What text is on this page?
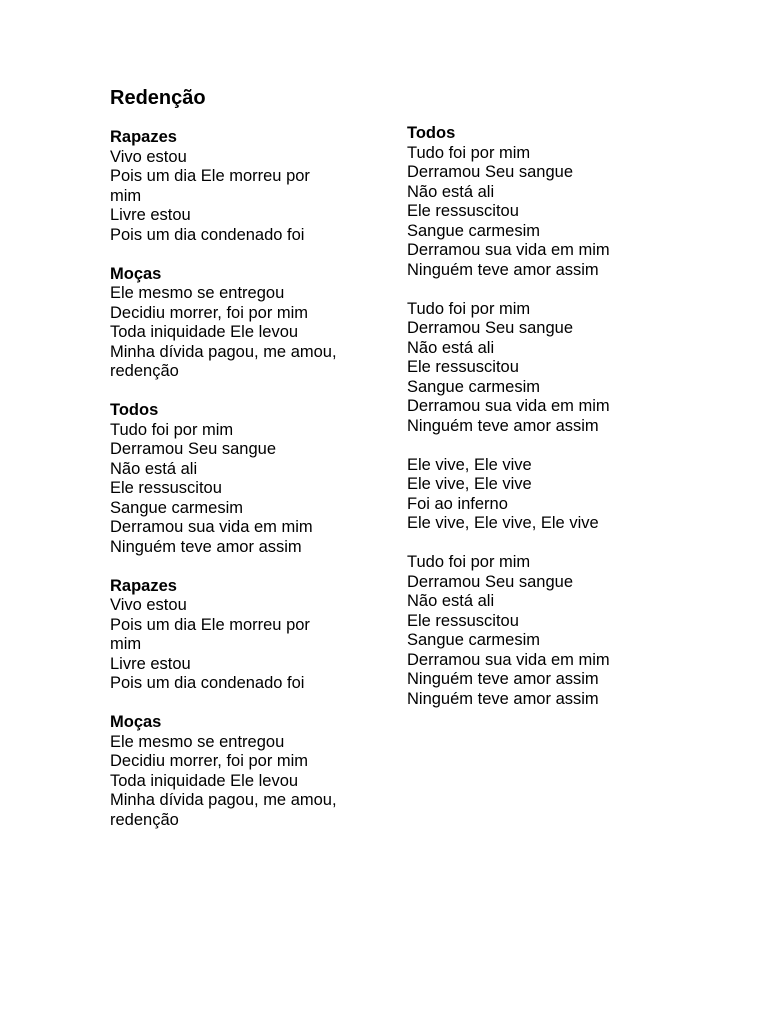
Redenção

Rapazes

Vivo estou

Pois um dia Ele morreu por

mim

Livre estou

Pois um dia condenado foi

Moças

Ele mesmo se entregou

Decidiu morrer, foi por mim

Toda iniquidade Ele levou

Minha dívida pagou, me amou,

redenção

Todos

Tudo foi por mim

Derramou Seu sangue

Não está ali

Ele ressuscitou

Sangue carmesim

Derramou sua vida em mim

Ninguém teve amor assim

Rapazes

Vivo estou

Pois um dia Ele morreu por

mim

Livre estou

Pois um dia condenado foi

Moças

Ele mesmo se entregou

Decidiu morrer, foi por mim

Toda iniquidade Ele levou

Minha dívida pagou, me amou,

redenção

Todos

Tudo foi por mim

Derramou Seu sangue

Não está ali

Ele ressuscitou

Sangue carmesim

Derramou sua vida em mim

Ninguém teve amor assim

Tudo foi por mim

Derramou Seu sangue

Não está ali

Ele ressuscitou

Sangue carmesim

Derramou sua vida em mim

Ninguém teve amor assim

Ele vive, Ele vive

Ele vive, Ele vive

Foi ao inferno

Ele vive, Ele vive, Ele vive

Tudo foi por mim

Derramou Seu sangue

Não está ali

Ele ressuscitou

Sangue carmesim

Derramou sua vida em mim

Ninguém teve amor assim

Ninguém teve amor assim
